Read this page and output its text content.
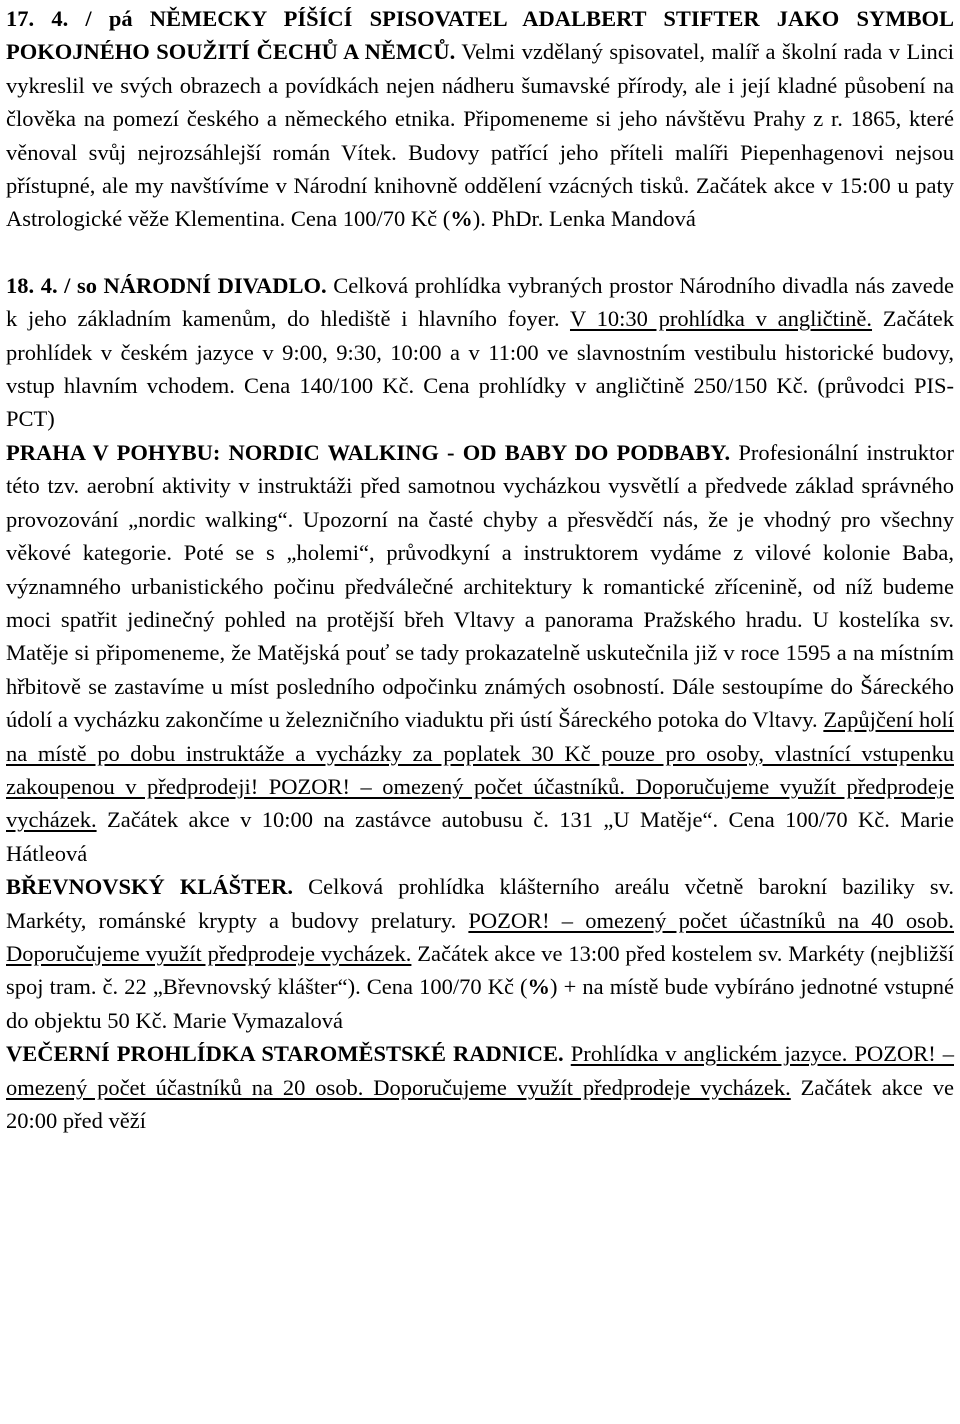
17. 4. / pá NĚMECKY PÍŠÍCÍ SPISOVATEL ADALBERT STIFTER JAKO SYMBOL POKOJNÉHO SOUŽITÍ ČECHŮ A NĚMCŮ. Velmi vzdělaný spisovatel, malíř a školní rada v Linci vykreslil ve svých obrazech a povídkách nejen nádheru šumavské přírody, ale i její kladné působení na člověka na pomezí českého a německého etnika. Připomeneme si jeho návštěvu Prahy z r. 1865, které věnoval svůj nejrozsáhlejší román Vítek. Budovy patřící jeho příteli malíři Piepenhagenovi nejsou přístupné, ale my navštívíme v Národní knihovně oddělení vzácných tisků. Začátek akce v 15:00 u paty Astrologické věže Klementina. Cena 100/70 Kč (%). PhDr. Lenka Mandová

18. 4. / so NÁRODNÍ DIVADLO. Celková prohlídka vybraných prostor Národního divadla nás zavede k jeho základním kamenům, do hlediště i hlavního foyer. V 10:30 prohlídka v angličtině. Začátek prohlídek v českém jazyce v 9:00, 9:30, 10:00 a v 11:00 ve slavnostním vestibulu historické budovy, vstup hlavním vchodem. Cena 140/100 Kč. Cena prohlídky v angličtině 250/150 Kč. (průvodci PIS-PCT)

PRAHA V POHYBU: NORDIC WALKING - OD BABY DO PODBABY. Profesionální instruktor této tzv. aerobní aktivity v instruktáži před samotnou vycházkou vysvětlí a předvede základ správného provozování „nordic walking“. Upozorní na časté chyby a přesvědčí nás, že je vhodný pro všechny věkové kategorie. Poté se s „holemi“, průvodkyní a instruktorem vydáme z vilové kolonie Baba, významného urbanistického počinu předválečné architektury k romantické zřícenině, od níž budeme moci spatřit jedinečný pohled na protější břeh Vltavy a panorama Pražského hradu. U kostelíka sv. Matěje si připomeneme, že Matějská pouť se tady prokazatelně uskutečnila již v roce 1595 a na místním hřbitově se zastavíme u míst posledního odpočinku známých osobností. Dále sestoupíme do Šáreckého údolí a vycházku zakončíme u železničního viaduktu při ústí Šáreckého potoka do Vltavy. Zapůjčení holí na místě po dobu instruktáže a vycházky za poplatek 30 Kč pouze pro osoby, vlastnící vstupenku zakoupenou v předprodeji! POZOR! – omezený počet účastníků. Doporučujeme využít předprodeje vycházek. Začátek akce v 10:00 na zastávce autobusu č. 131 „U Matěje“. Cena 100/70 Kč. Marie Hátleová

BŘEVNOVSKÝ KLÁŠTER. Celková prohlídka klášterního areálu včetně barokní baziliky sv. Markéty, románské krypty a budovy prelatury. POZOR! – omezený počet účastníků na 40 osob. Doporučujeme využít předprodeje vycházek. Začátek akce ve 13:00 před kostelem sv. Markéty (nejbližší spoj tram. č. 22 „Břevnovský klášter“). Cena 100/70 Kč (%) + na místě bude vybíráno jednotné vstupné do objektu 50 Kč. Marie Vymazalová

VEČERNÍ PROHLÍDKA STAROMĚSTSKÉ RADNICE. Prohlídka v anglickém jazyce. POZOR! – omezený počet účastníků na 20 osob. Doporučujeme využít předprodeje vycházek. Začátek akce ve 20:00 před věží
